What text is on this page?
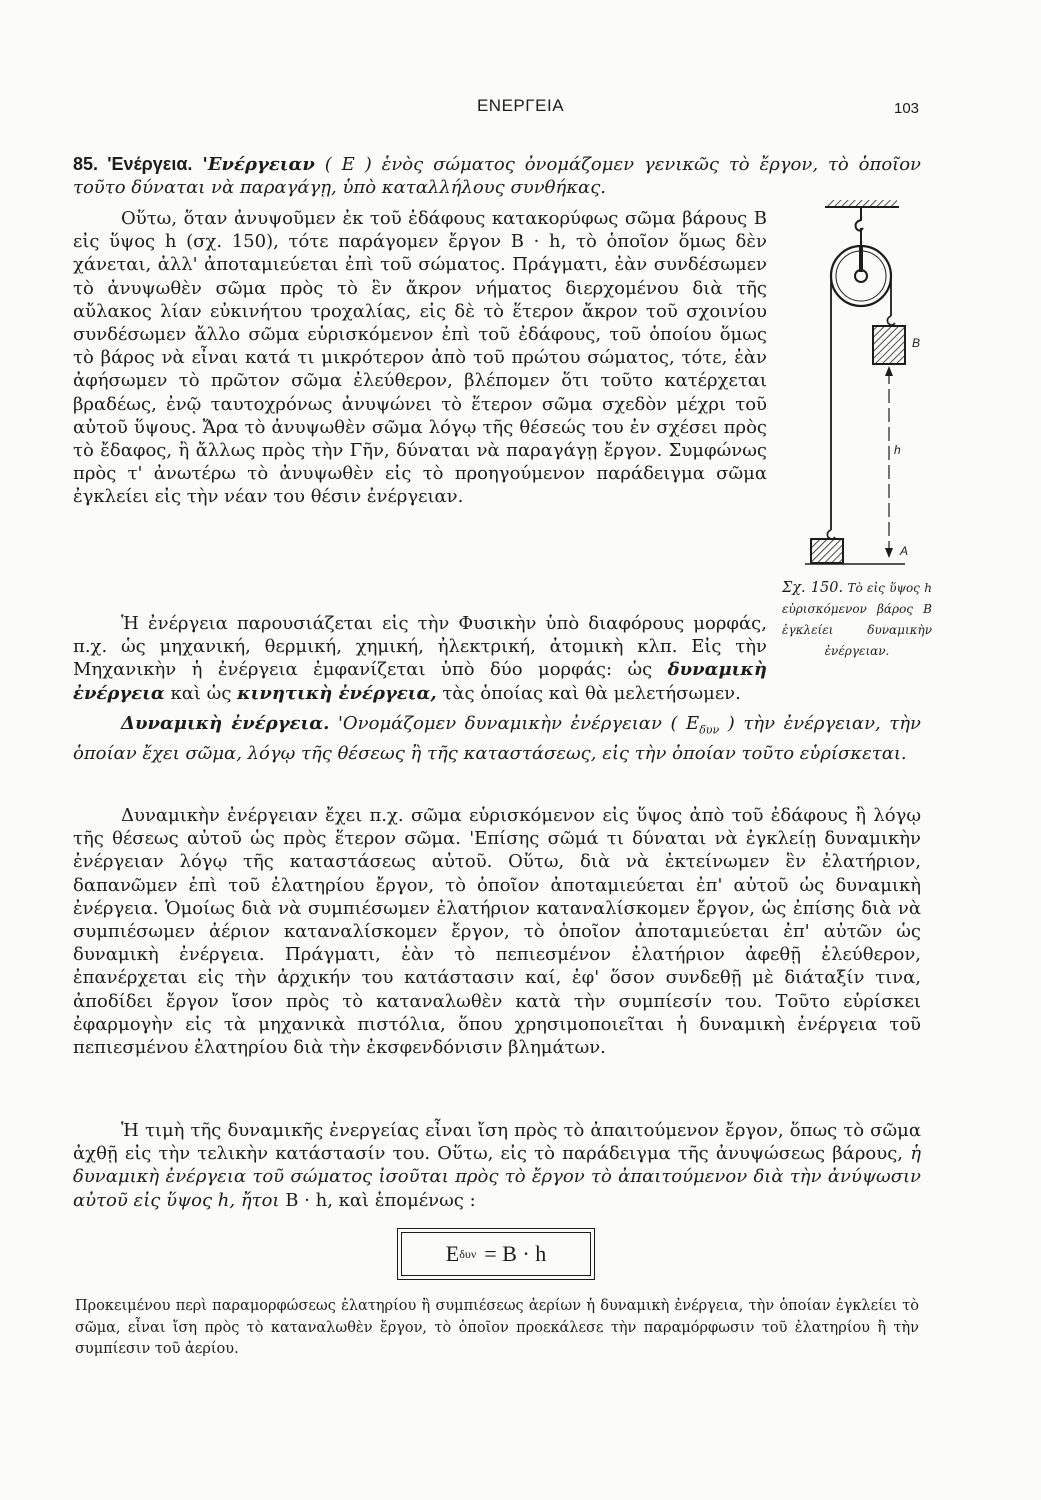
ΕΝΕΡΓΕΙΑ	103

85. 'Ενέργεια. 'Ενέργειαν ( Ε ) ἑνὸς σώματος ὀνομάζομεν γενικῶς τὸ ἔργον, τὸ ὁποῖον τοῦτο δύναται νὰ παραγάγῃ, ὑπὸ καταλλήλους συνθήκας.

Οὕτω, ὅταν ἀνυψοῦμεν ἐκ τοῦ ἐδάφους κατακορύφως σῶμα βάρους Β εἰς ὕψος h (σχ. 150), τότε παράγομεν ἔργον Β · h, τὸ ὁποῖον ὅμως δὲν χάνεται, ἀλλ' ἀποταμιεύεται ἐπὶ τοῦ σώματος. Πράγματι, ἐὰν συνδέσωμεν τὸ ἀνυψωθὲν σῶμα πρὸς τὸ ἓν ἄκρον νήματος διερχομένου διὰ τῆς αὔλακος λίαν εὐκινήτου τροχαλίας, εἰς δὲ τὸ ἕτερον ἄκρον τοῦ σχοινίου συνδέσωμεν ἄλλο σῶμα εὑρισκόμενον ἐπὶ τοῦ ἐδάφους, τοῦ ὁποίου ὅμως τὸ βάρος νὰ εἶναι κατά τι μικρότερον ἀπὸ τοῦ πρώτου σώματος, τότε, ἐὰν ἀφήσωμεν τὸ πρῶτον σῶμα ἐλεύθερον, βλέπομεν ὅτι τοῦτο κατέρχεται βραδέως, ἐνῷ ταυτοχρόνως ἀνυψώνει τὸ ἕτερον σῶμα σχεδὸν μέχρι τοῦ αὐτοῦ ὕψους. Ἄρα τὸ ἀνυψωθὲν σῶμα λόγῳ τῆς θέσεώς του ἐν σχέσει πρὸς τὸ ἔδαφος, ἢ ἄλλως πρὸς τὴν Γῆν, δύναται νὰ παραγάγῃ ἔργον. Συμφώνως πρὸς τ' ἀνωτέρω τὸ ἀνυψωθὲν εἰς τὸ προηγούμενον παράδειγμα σῶμα ἐγκλείει εἰς τὴν νέαν του θέσιν ἐνέργειαν.

Ἡ ἐνέργεια παρουσιάζεται εἰς τὴν Φυσικὴν ὑπὸ διαφόρους μορφάς, π.χ. ὡς μηχανική, θερμική, χημική, ἠλεκτρική, ἀτομικὴ κλπ. Εἰς τὴν Μηχανικὴν ἡ ἐνέργεια ἐμφανίζεται ὑπὸ δύο μορφάς: ὡς δυναμικὴ ἐνέργεια καὶ ὡς κινητικὴ ἐνέργεια, τὰς ὁποίας καὶ θὰ μελετήσωμεν.

Δυναμικὴ ἐνέργεια. 'Ονομάζομεν δυναμικὴν ἐνέργειαν ( $E_{\delta\upsilon\nu}$ ) τὴν ἐνέργειαν, τὴν ὁποίαν ἔχει σῶμα, λόγῳ τῆς θέσεως ἢ τῆς καταστάσεως, εἰς τὴν ὁποίαν τοῦτο εὑρίσκεται.

Δυναμικὴν ἐνέργειαν ἔχει π.χ. σῶμα εὑρισκόμενον εἰς ὕψος ἀπὸ τοῦ ἐδάφους ἢ λόγῳ τῆς θέσεως αὐτοῦ ὡς πρὸς ἕτερον σῶμα. 'Επίσης σῶμά τι δύναται νὰ ἐγκλείῃ δυναμικὴν ἐνέργειαν λόγῳ τῆς καταστάσεως αὐτοῦ. Οὕτω, διὰ νὰ ἐκτείνωμεν ἓν ἐλατήριον, δαπανῶμεν ἐπὶ τοῦ ἐλατηρίου ἔργον, τὸ ὁποῖον ἀποταμιεύεται ἐπ' αὐτοῦ ὡς δυναμικὴ ἐνέργεια. Ὁμοίως διὰ νὰ συμπιέσωμεν ἐλατήριον καταναλίσκομεν ἔργον, ὡς ἐπίσης διὰ νὰ συμπιέσωμεν ἀέριον καταναλίσκομεν ἔργον, τὸ ὁποῖον ἀποταμιεύεται ἐπ' αὐτῶν ὡς δυναμικὴ ἐνέργεια. Πράγματι, ἐὰν τὸ πεπιεσμένον ἐλατήριον ἀφεθῇ ἐλεύθερον, ἐπανέρχεται εἰς τὴν ἀρχικήν του κατάστασιν καί, ἐφ' ὅσον συνδεθῇ μὲ διάταξίν τινα, ἀποδίδει ἔργον ἴσον πρὸς τὸ καταναλωθὲν κατὰ τὴν συμπίεσίν του. Τοῦτο εὑρίσκει ἐφαρμογὴν εἰς τὰ μηχανικὰ πιστόλια, ὅπου χρησιμοποιεῖται ἡ δυναμικὴ ἐνέργεια τοῦ πεπιεσμένου ἐλατηρίου διὰ τὴν ἐκσφενδόνισιν βλημάτων.

Ἡ τιμὴ τῆς δυναμικῆς ἐνεργείας εἶναι ἴση πρὸς τὸ ἀπαιτούμενον ἔργον, ὅπως τὸ σῶμα ἀχθῇ εἰς τὴν τελικὴν κατάστασίν του. Οὕτω, εἰς τὸ παράδειγμα τῆς ἀνυψώσεως βάρους, ἡ δυναμικὴ ἐνέργεια τοῦ σώματος ἰσοῦται πρὸς τὸ ἔργον τὸ ἀπαιτούμενον διὰ τὴν ἀνύψωσιν αὐτοῦ εἰς ὕψος h, ἤτοι Β · h, καὶ ἑπομένως :

Ε δυν = Β · h

Προκειμένου περὶ παραμορφώσεως ἐλατηρίου ἢ συμπιέσεως ἀερίων ἡ δυναμικὴ ἐνέργεια, τὴν ὁποίαν ἐγκλείει τὸ σῶμα, εἶναι ἴση πρὸς τὸ καταναλωθὲν ἔργον, τὸ ὁποῖον προεκάλεσε τὴν παραμόρφωσιν τοῦ ἐλατηρίου ἢ τὴν συμπίεσιν τοῦ ἀερίου.

B
h
A
Σχ. 150. Τὸ εἰς ὕψος h εὑρισκόμενον βάρος Β ἐγκλείει δυναμικὴν ἐνέργειαν.
